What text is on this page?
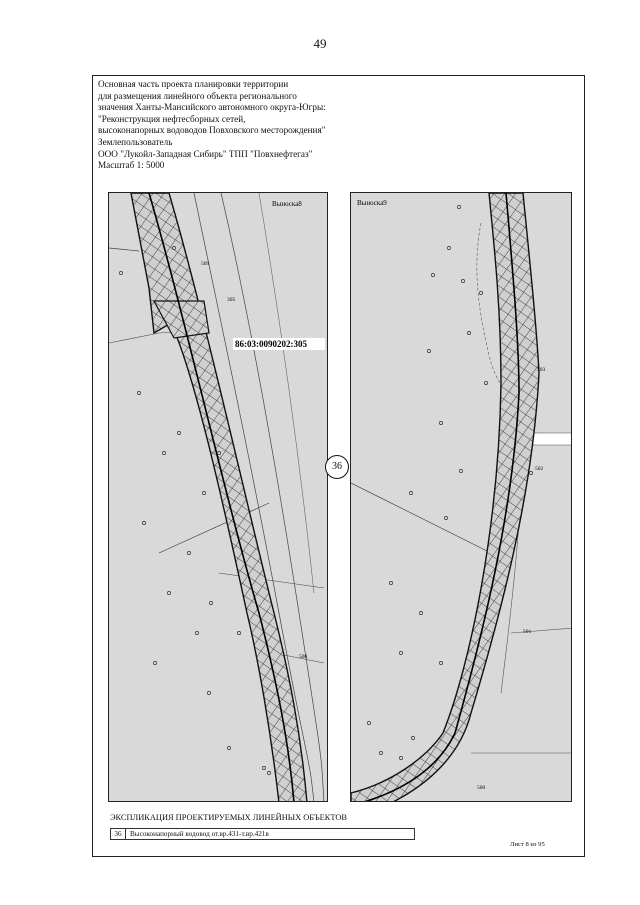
49
Основная часть проекта планировки территории
для размещения линейного объекта регионального
значения Ханты-Мансийского автономного округа-Югры:
"Реконструкция нефтесборных сетей,
высоконапорных водоводов Повховского месторождения"
Землепользователь
ООО "Лукойл-Западная Сибирь" ТПП "Повхнефтегаз"
Масштаб 1: 5000
Выноска8
86:03:0090202:305
509
305
508
Выноска9
503
502
501
500
36
ЭКСПЛИКАЦИЯ ПРОЕКТИРУЕМЫХ ЛИНЕЙНЫХ ОБЪЕКТОВ
36	Высоконапорный водовод от.вр.431-т.вр.421в
Лист 8 из 95
